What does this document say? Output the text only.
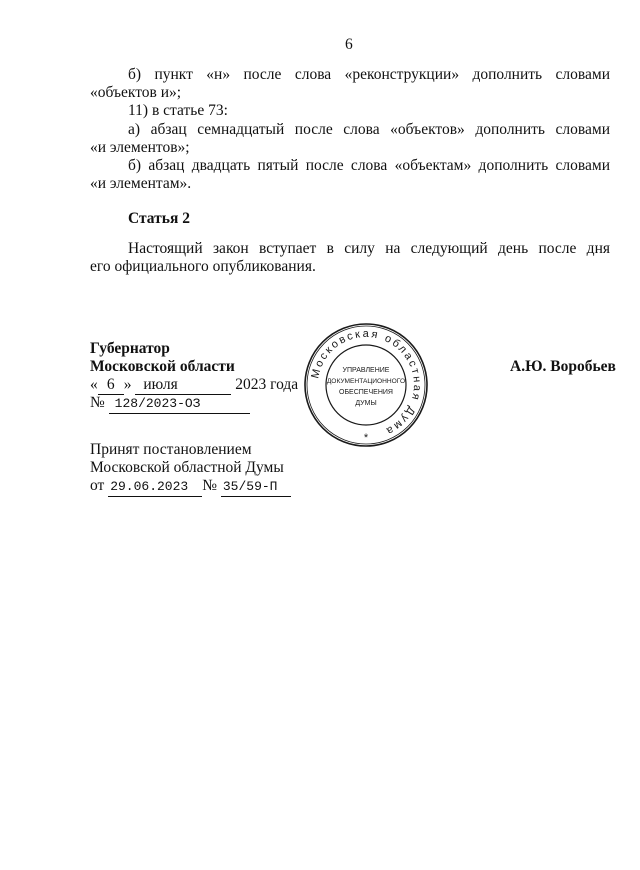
6
б) пункт «н» после слова «реконструкции» дополнить словами
«объектов и»;
11) в статье 73:
а) абзац семнадцатый после слова «объектов» дополнить словами
«и элементов»;
б) абзац двадцать пятый после слова «объектам» дополнить словами
«и элементам».
Статья 2
Настоящий закон вступает в силу на следующий день после дня
его официального опубликования.
Губернатор
Московской области	А.Ю. Воробьев
« 6 » июля	2023 года
№ 128/2023-ОЗ
Принят постановлением
Московской областной Думы
от 29.06.2023 № 35/59-П
Московская областная Дума
УПРАВЛЕНИЕ
ДОКУМЕНТАЦИОННОГО
ОБЕСПЕЧЕНИЯ
ДУМЫ
*
